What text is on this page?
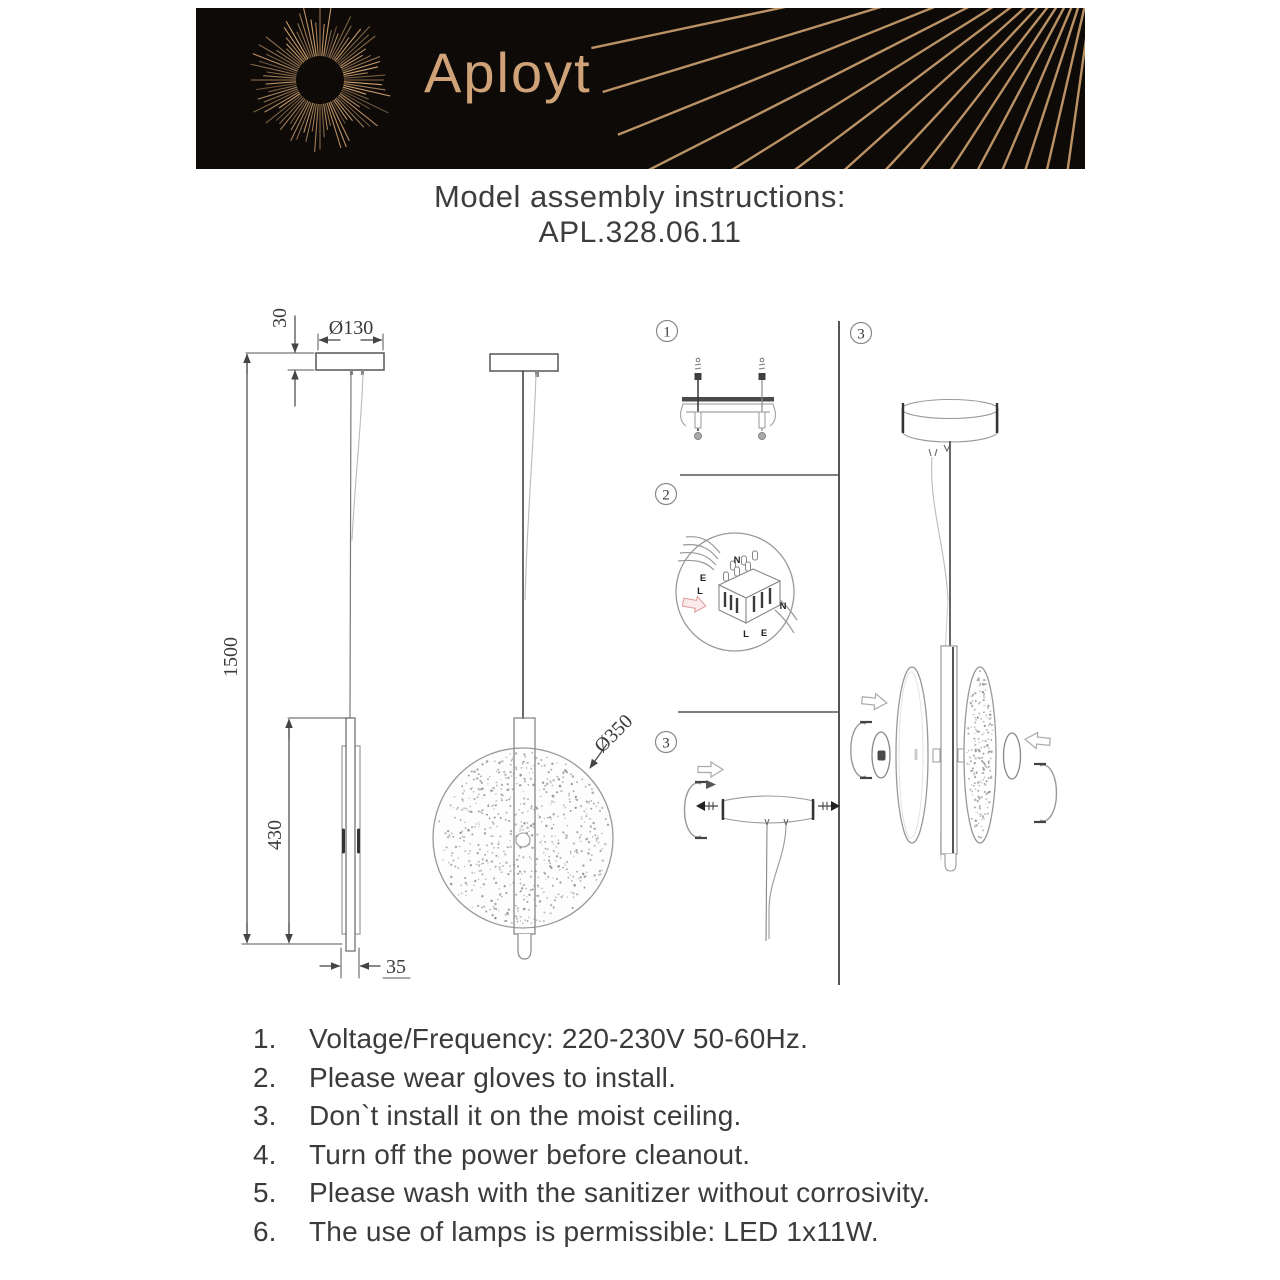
30 Ø130
1500
430
35
Ø350
1
2
N
E
L
N
L E
3
3
Aployt
Model assembly instructions:
APL.328.06.11
1.	Voltage/Frequency: 220-230V 50-60Hz.
2.	Please wear gloves to install.
3.	Don`t install it on the moist ceiling.
4.	Turn off the power before cleanout.
5.	Please wash with the sanitizer without corrosivity.
6.	The use of lamps is permissible: LED 1x11W.
